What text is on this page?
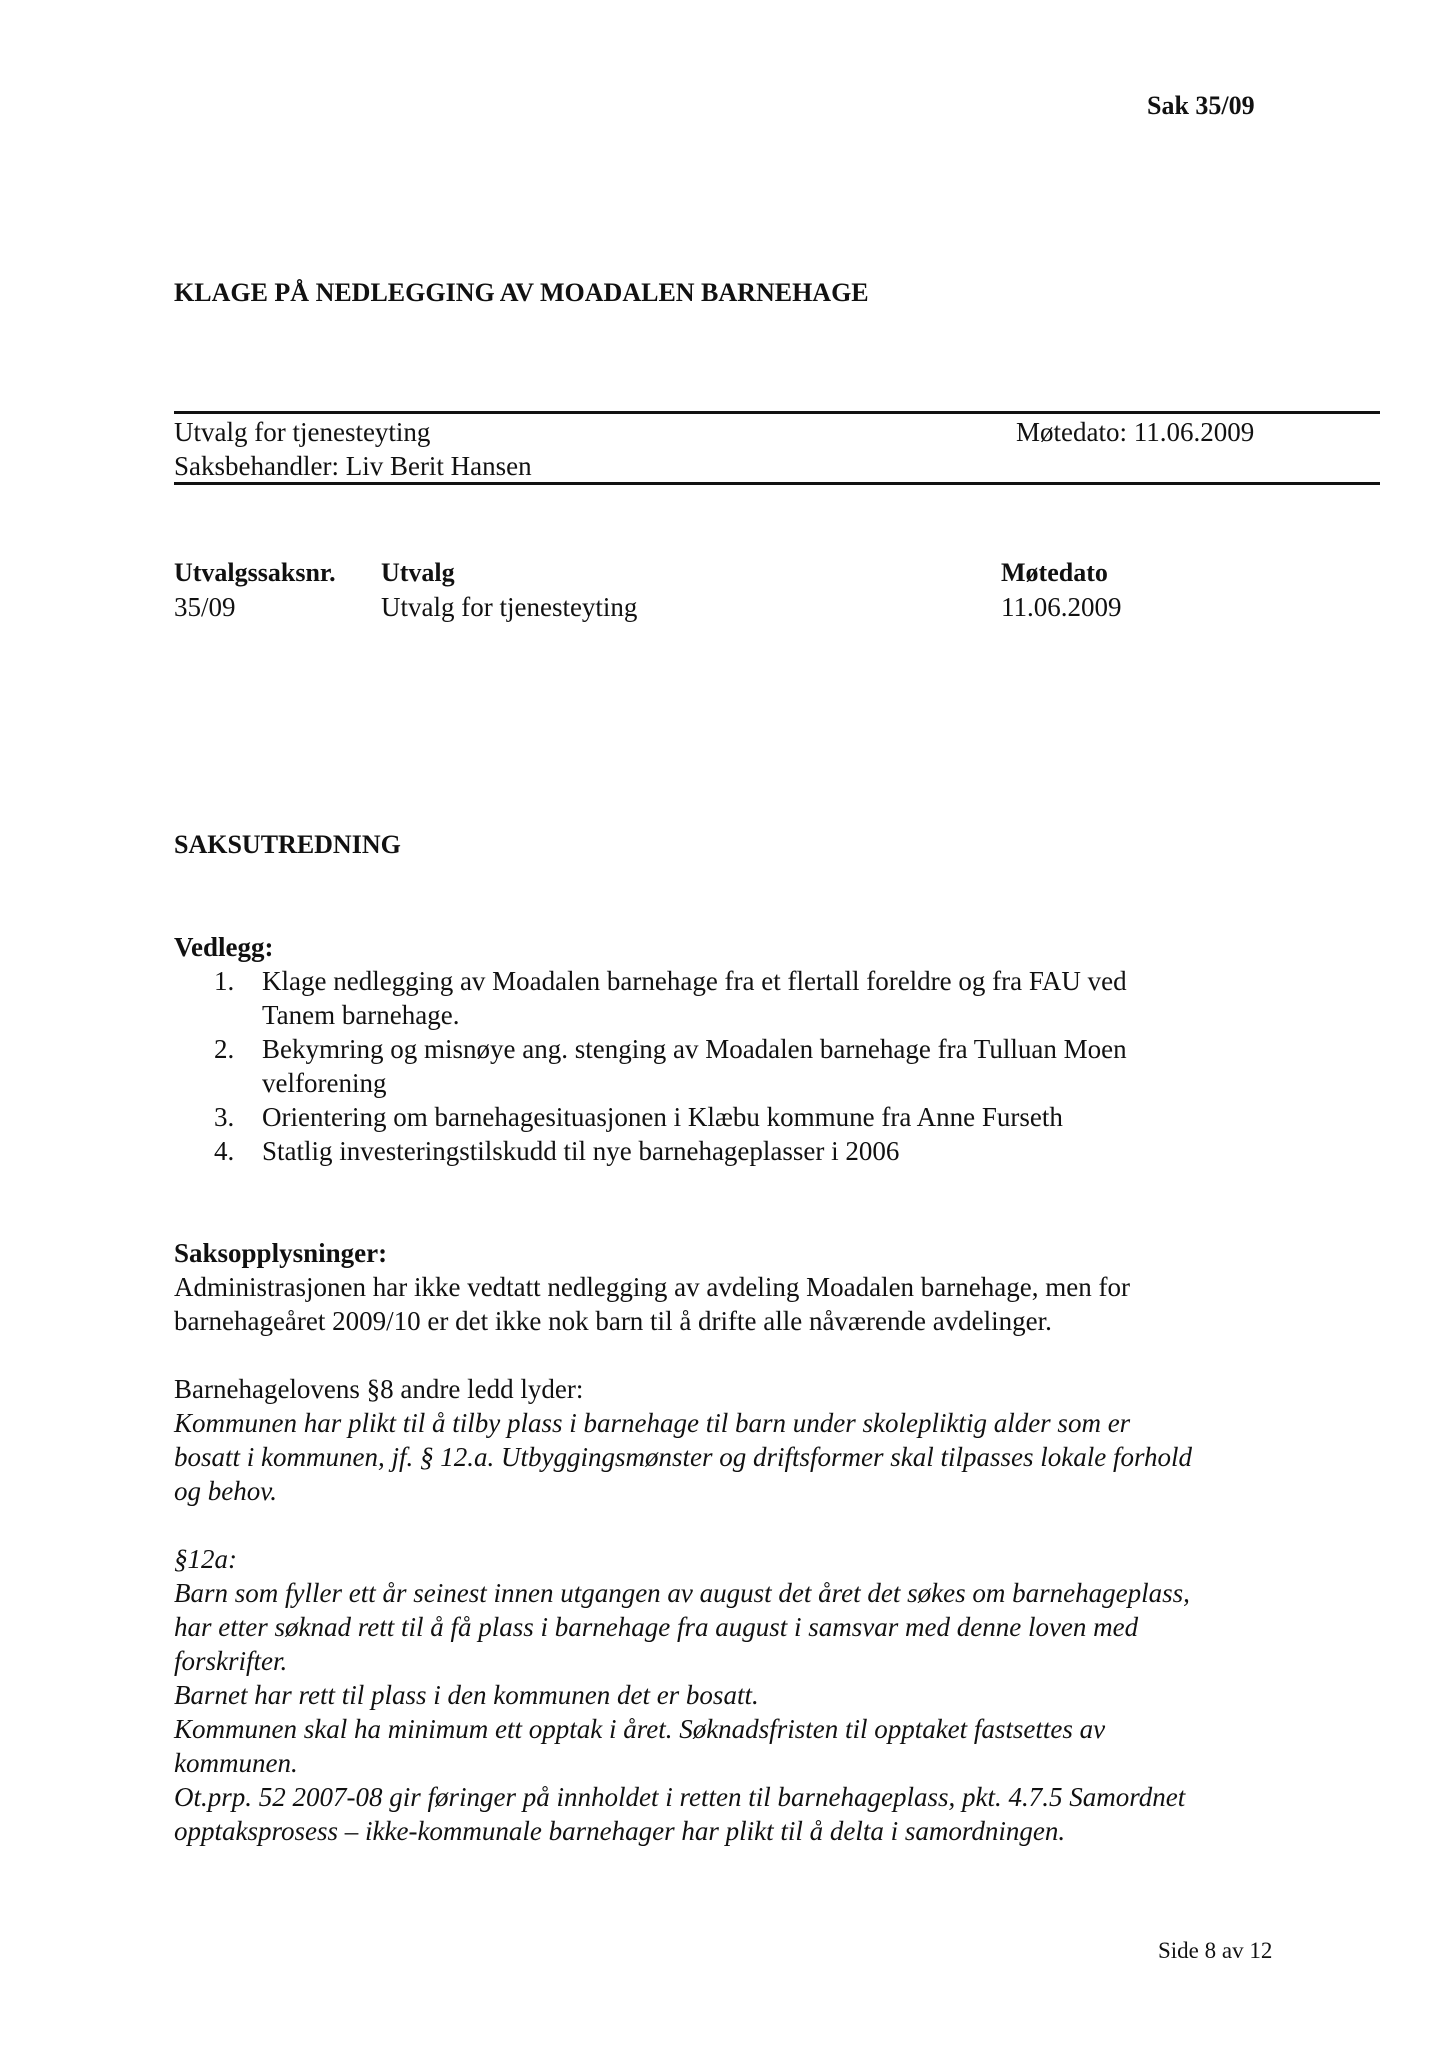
Sak 35/09
KLAGE PÅ NEDLEGGING AV MOADALEN BARNEHAGE
Utvalg for tjenesteyting	Møtedato: 11.06.2009
Saksbehandler: Liv Berit Hansen
Utvalgssaksnr. Utvalg	Møtedato
35/09	Utvalg for tjenesteyting	11.06.2009
SAKSUTREDNING
Vedlegg:
1. Klage nedlegging av Moadalen barnehage fra et flertall foreldre og fra FAU ved
Tanem barnehage.
2. Bekymring og misnøye ang. stenging av Moadalen barnehage fra Tulluan Moen
velforening
3. Orientering om barnehagesituasjonen i Klæbu kommune fra Anne Furseth
4. Statlig investeringstilskudd til nye barnehageplasser i 2006
Saksopplysninger:
Administrasjonen har ikke vedtatt nedlegging av avdeling Moadalen barnehage, men for
barnehageåret 2009/10 er det ikke nok barn til å drifte alle nåværende avdelinger.
Barnehagelovens §8 andre ledd lyder:
Kommunen har plikt til å tilby plass i barnehage til barn under skolepliktig alder som er
bosatt i kommunen, jf. § 12.a. Utbyggingsmønster og driftsformer skal tilpasses lokale forhold
og behov.
§12a:
Barn som fyller ett år seinest innen utgangen av august det året det søkes om barnehageplass,
har etter søknad rett til å få plass i barnehage fra august i samsvar med denne loven med
forskrifter.
Barnet har rett til plass i den kommunen det er bosatt.
Kommunen skal ha minimum ett opptak i året. Søknadsfristen til opptaket fastsettes av
kommunen.
Ot.prp. 52 2007-08 gir føringer på innholdet i retten til barnehageplass, pkt. 4.7.5 Samordnet
opptaksprosess – ikke-kommunale barnehager har plikt til å delta i samordningen.
Side 8 av 12
